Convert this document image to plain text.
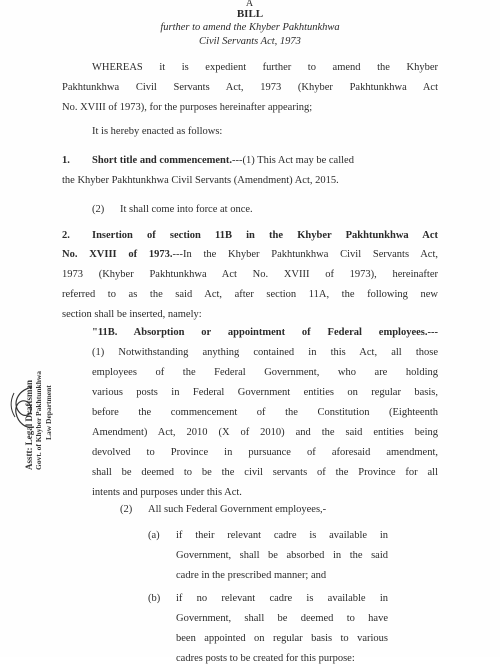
A
BILL
further to amend the Khyber Pakhtunkhwa
Civil Servants Act, 1973
WHEREAS it is expedient further to amend the Khyber
Pakhtunkhwa Civil Servants Act, 1973 (Khyber Pakhtunkhwa Act
No. XVIII of 1973), for the purposes hereinafter appearing;
It is hereby enacted as follows:
1. Short title and commencement.---(1) This Act may be called
the Khyber Pakhtunkhwa Civil Servants (Amendment) Act, 2015.
(2) It shall come into force at once.
2. Insertion of section 11B in the Khyber Pakhtunkhwa Act
No. XVIII of 1973.---In the Khyber Pakhtunkhwa Civil Servants Act,
1973 (Khyber Pakhtunkhwa Act No. XVIII of 1973), hereinafter
referred to as the said Act, after section 11A, the following new
section shall be inserted, namely:
"11B. Absorption or appointment of Federal employees.---
(1) Notwithstanding anything contained in this Act, all those
employees of the Federal Government, who are holding
various posts in Federal Government entities on regular basis,
before the commencement of the Constitution (Eighteenth
Amendment) Act, 2010 (X of 2010) and the said entities being
devolved to Province in pursuance of aforesaid amendment,
shall be deemed to be the civil servants of the Province for all
intents and purposes under this Act.
(2) All such Federal Government employees,-
(a) if their relevant cadre is available in
Government, shall be absorbed in the said
cadre in the prescribed manner; and
(b) if no relevant cadre is available in
Government, shall be deemed to have
been appointed on regular basis to various
cadres posts to be created for this purpose:
Asstt: Legal Draftsman Govt. of Khyber Pakhtunkhwa Law Department
